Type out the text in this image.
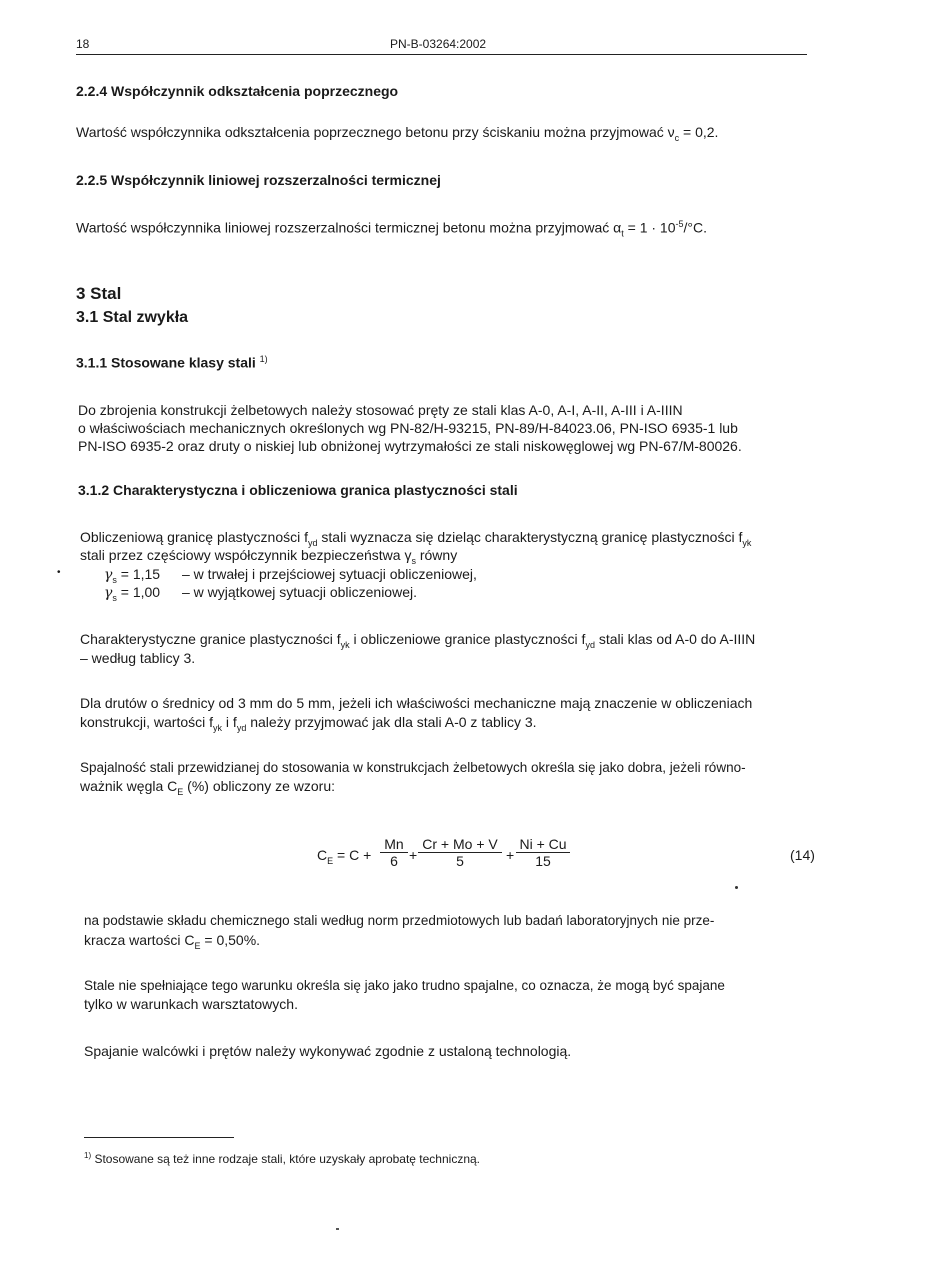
18	PN-B-03264:2002
2.2.4 Współczynnik odkształcenia poprzecznego
Wartość współczynnika odkształcenia poprzecznego betonu przy ściskaniu można przyjmować $\nu_c = 0,2$.
2.2.5 Współczynnik liniowej rozszerzalności termicznej
Wartość współczynnika liniowej rozszerzalności termicznej betonu można przyjmować $\alpha_t = 1 \cdot 10^{-5}/^\circ C$.
3 Stal
3.1 Stal zwykła
3.1.1 Stosowane klasy stali $^{1)}$
Do zbrojenia konstrukcji żelbetowych należy stosować pręty ze stali klas A-0, A-I, A-II, A-III i A-IIIN
o właściwościach mechanicznych określonych wg PN-82/H-93215, PN-89/H-84023.06, PN-ISO 6935-1 lub
PN-ISO 6935-2 oraz druty o niskiej lub obniżonej wytrzymałości ze stali niskowęglowej wg PN-67/M-80026.
3.1.2 Charakterystyczna i obliczeniowa granica plastyczności stali
Obliczeniową granicę plastyczności $f_{yd}$ stali wyznacza się dzieląc charakterystyczną granicę plastyczności $f_{yk}$
stali przez częściowy współczynnik bezpieczeństwa $\gamma_s$ równy
$\gamma_s = 1,15 - w$ trwałej i przejściowej sytuacji obliczeniowej,
$\gamma_s = 1,00 - w$ wyjątkowej sytuacji obliczeniowej.
•
Charakterystyczne granice plastyczności $f_{yk}$ i obliczeniowe granice plastyczności $f_{yd}$ stali klas od A-0 do A-IIIN
– według tablicy 3.
Dla drutów o średnicy od 3 mm do 5 mm, jeżeli ich właściwości mechaniczne mają znaczenie w obliczeniach
konstrukcji, wartości $f_{yk}$ i $f_{yd}$ należy przyjmować jak dla stali A-0 z tablicy 3.
Spajalność stali przewidzianej do stosowania w konstrukcjach żelbetowych określa się jako dobra, jeżeli równo-
ważnik węgla $C_E$ (%) obliczony ze wzoru:
$C_E = C + \frac{Mn}{6} + \frac{Cr + Mo + V}{5} + \frac{Ni + Cu}{15}$	(14)
na podstawie składu chemicznego stali według norm przedmiotowych lub badań laboratoryjnych nie prze-
kracza wartości $C_E = 0,50\%$.
Stale nie spełniające tego warunku określa się jako jako trudno spajalne, co oznacza, że mogą być spajane
tylko w warunkach warsztatowych.
Spajanie walcówki i prętów należy wykonywać zgodnie z ustaloną technologią.
$^{1)}$ Stosowane są też inne rodzaje stali, które uzyskały aprobatę techniczną.
